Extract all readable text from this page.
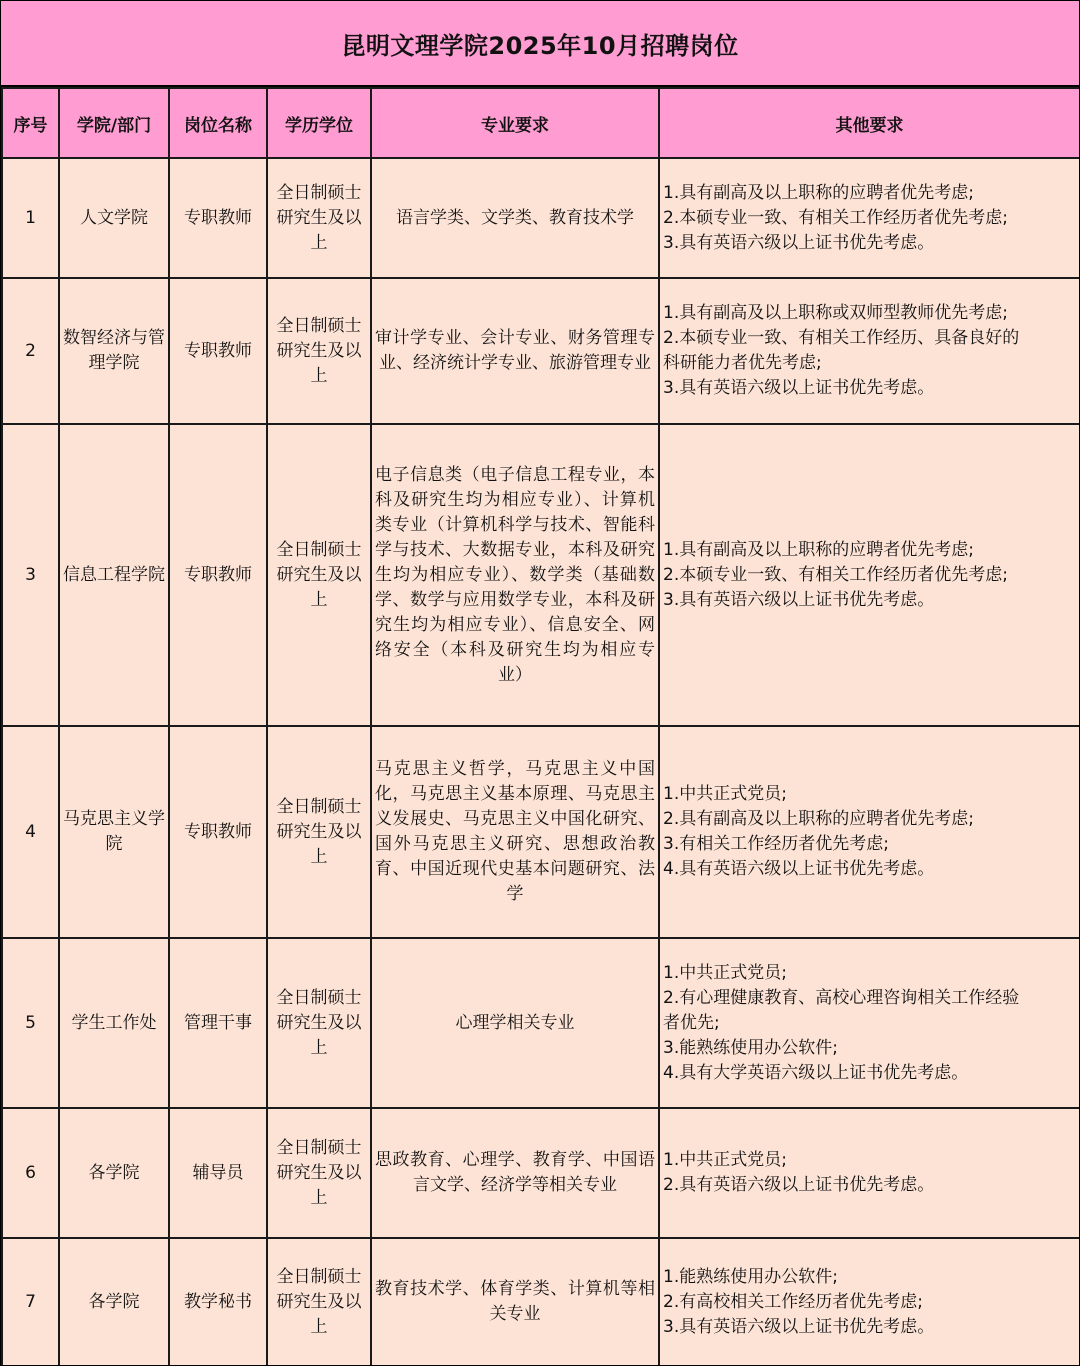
昆明文理学院2025年10月招聘岗位
序号	学院/部门	岗位名称	学历学位	专业要求	其他要求
1	人文学院	专职教师	全日制硕士研究生及以上	语言学类、文学类、教育技术学	1.具有副高及以上职称的应聘者优先考虑;
2.本硕专业一致、有相关工作经历者优先考虑;
3.具有英语六级以上证书优先考虑。

2	数智经济与管理学院	专职教师	全日制硕士研究生及以上	审计学专业、会计专业、财务管理专业、经济统计学专业、旅游管理专业	1.具有副高及以上职称或双师型教师优先考虑;
2.本硕专业一致、有相关工作经历、具备良好的
科研能力者优先考虑;
3.具有英语六级以上证书优先考虑。

3	信息工程学院	专职教师	全日制硕士研究生及以上	电子信息类（电子信息工程专业，本科及研究生均为相应专业）、计算机类专业（计算机科学与技术、智能科学与技术、大数据专业，本科及研究生均为相应专业）、数学类（基础数学、数学与应用数学专业，本科及研究生均为相应专业）、信息安全、网络安全（本科及研究生均为相应专业）	1.具有副高及以上职称的应聘者优先考虑;
2.本硕专业一致、有相关工作经历者优先考虑;
3.具有英语六级以上证书优先考虑。

4	马克思主义学院	专职教师	全日制硕士研究生及以上	马克思主义哲学，马克思主义中国化，马克思主义基本原理、马克思主义发展史、马克思主义中国化研究、国外马克思主义研究、思想政治教育、中国近现代史基本问题研究、法学	1.中共正式党员;
2.具有副高及以上职称的应聘者优先考虑;
3.有相关工作经历者优先考虑;
4.具有英语六级以上证书优先考虑。

5	学生工作处	管理干事	全日制硕士研究生及以上	心理学相关专业	1.中共正式党员;
2.有心理健康教育、高校心理咨询相关工作经验
者优先;
3.能熟练使用办公软件;
4.具有大学英语六级以上证书优先考虑。

6	各学院	辅导员	全日制硕士研究生及以上	思政教育、心理学、教育学、中国语言文学、经济学等相关专业	1.中共正式党员;
2.具有英语六级以上证书优先考虑。

7	各学院	教学秘书	全日制硕士研究生及以上	教育技术学、体育学类、计算机等相关专业	1.能熟练使用办公软件;
2.有高校相关工作经历者优先考虑;
3.具有英语六级以上证书优先考虑。
